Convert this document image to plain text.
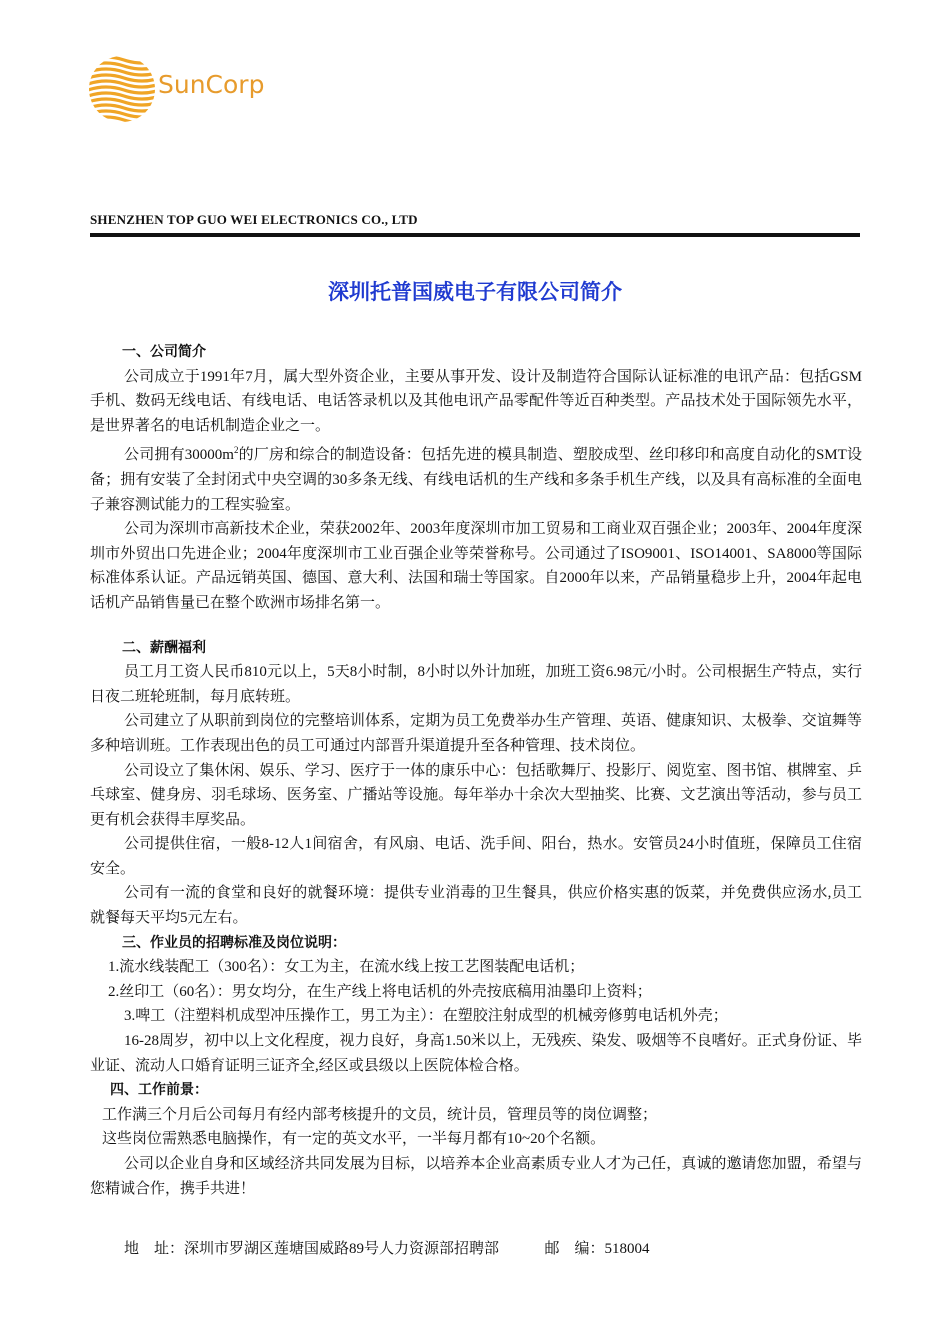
SunCorp
SHENZHEN TOP GUO WEI ELECTRONICS CO., LTD
深圳托普国威电子有限公司简介

一、公司简介

公司成立于1991年7月，属大型外资企业，主要从事开发、设计及制造符合国际认证标准的电讯产品：包括GSM手机、数码无线电话、有线电话、电话答录机以及其他电讯产品零配件等近百种类型。产品技术处于国际领先水平，是世界著名的电话机制造企业之一。

公司拥有$30000m^2$的厂房和综合的制造设备：包括先进的模具制造、塑胶成型、丝印移印和高度自动化的SMT设备；拥有安装了全封闭式中央空调的30多条无线、有线电话机的生产线和多条手机生产线，以及具有高标准的全面电子兼容测试能力的工程实验室。

公司为深圳市高新技术企业，荣获2002年、2003年度深圳市加工贸易和工商业双百强企业；2003年、2004年度深圳市外贸出口先进企业；2004年度深圳市工业百强企业等荣誉称号。公司通过了ISO9001、ISO14001、SA8000等国际标准体系认证。产品远销英国、德国、意大利、法国和瑞士等国家。自2000年以来，产品销量稳步上升，2004年起电话机产品销售量已在整个欧洲市场排名第一。

二、薪酬福利

员工月工资人民币810元以上，5天8小时制，8小时以外计加班，加班工资6.98元/小时。公司根据生产特点，实行日夜二班轮班制，每月底转班。

公司建立了从职前到岗位的完整培训体系，定期为员工免费举办生产管理、英语、健康知识、太极拳、交谊舞等多种培训班。工作表现出色的员工可通过内部晋升渠道提升至各种管理、技术岗位。

公司设立了集休闲、娱乐、学习、医疗于一体的康乐中心：包括歌舞厅、投影厅、阅览室、图书馆、棋牌室、乒乓球室、健身房、羽毛球场、医务室、广播站等设施。每年举办十余次大型抽奖、比赛、文艺演出等活动，参与员工更有机会获得丰厚奖品。

公司提供住宿，一般8-12人1间宿舍，有风扇、电话、洗手间、阳台，热水。安管员24小时值班，保障员工住宿安全。

公司有一流的食堂和良好的就餐环境：提供专业消毒的卫生餐具，供应价格实惠的饭菜，并免费供应汤水,员工就餐每天平均5元左右。

三、作业员的招聘标准及岗位说明：

1.流水线装配工（300名）：女工为主，在流水线上按工艺图装配电话机；

2.丝印工（60名）：男女均分，在生产线上将电话机的外壳按底稿用油墨印上资料；

3.啤工（注塑料机成型冲压操作工，男工为主）：在塑胶注射成型的机械旁修剪电话机外壳；

16-28周岁，初中以上文化程度，视力良好，身高1.50米以上，无残疾、染发、吸烟等不良嗜好。正式身份证、毕业证、流动人口婚育证明三证齐全,经区或县级以上医院体检合格。

四、工作前景：

工作满三个月后公司每月有经内部考核提升的文员，统计员，管理员等的岗位调整；

这些岗位需熟悉电脑操作，有一定的英文水平，一半每月都有10~20个名额。

公司以企业自身和区域经济共同发展为目标，以培养本企业高素质专业人才为己任，真诚的邀请您加盟，希望与您精诚合作，携手共进！

地　址：深圳市罗湖区莲塘国威路89号人力资源部招聘部	邮　编：518004
